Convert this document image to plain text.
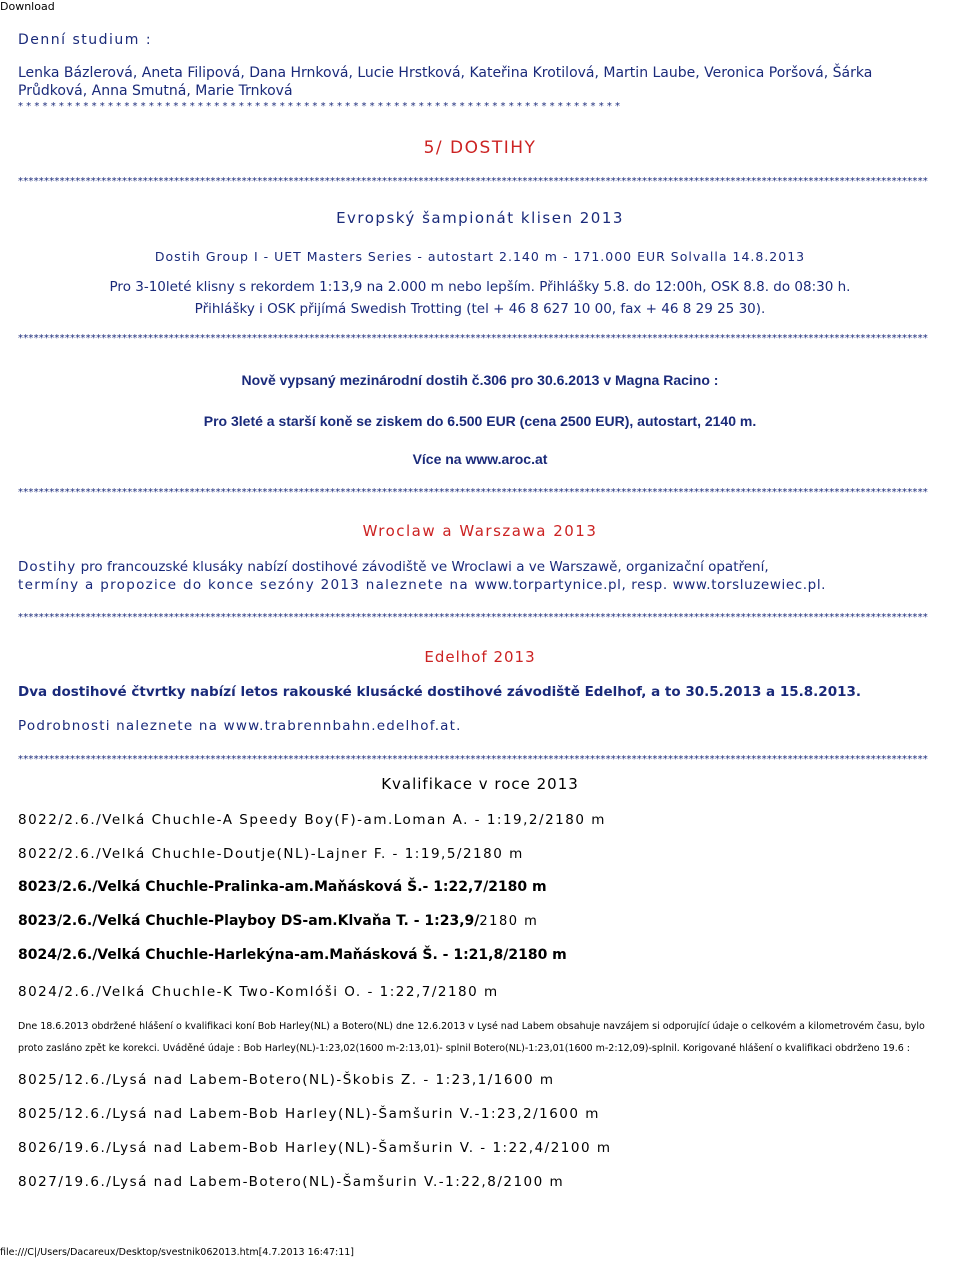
Download
Denní studium :
Lenka Bázlerová, Aneta Filipová, Dana Hrnková, Lucie Hrstková, Kateřina Krotilová, Martin Laube, Veronica Poršová, Šárka
Průdková, Anna Smutná, Marie Trnková
* * * * * * * * * * * * * * * * * * * * * * * * * * * * * * * * * * * * * * * * * * * * * * * * * * * * * * * * * * * * * * * * * * * * * * * * * *
5/ DOSTIHY
*******************************************************************************************************************************************************************************
Evropský šampionát klisen 2013
Dostih Group I - UET Masters Series - autostart 2.140 m - 171.000 EUR Solvalla 14.8.2013
Pro 3-10leté klisny s rekordem 1:13,9 na 2.000 m nebo lepším. Přihlášky 5.8. do 12:00h, OSK 8.8. do 08:30 h.
Přihlášky i OSK přijímá Swedish Trotting (tel + 46 8 627 10 00, fax + 46 8 29 25 30).
*******************************************************************************************************************************************************************************
Nově vypsaný mezinárodní dostih č.306 pro 30.6.2013 v Magna Racino :
Pro 3leté a starší koně se ziskem do 6.500 EUR (cena 2500 EUR), autostart, 2140 m.
Více na www.aroc.at
*******************************************************************************************************************************************************************************
Wroclaw a Warszawa 2013
Dostihy pro francouzské klusáky nabízí dostihové závodiště ve Wroclawi a ve Warszawě, organizační opatření,
termíny a propozice do konce sezóny 2013 naleznete na www.torpartynice.pl, resp. www.torsluzewiec.pl.
*******************************************************************************************************************************************************************************
Edelhof 2013
Dva dostihové čtvrtky nabízí letos rakouské klusácké dostihové závodiště Edelhof, a to 30.5.2013 a 15.8.2013.
Podrobnosti naleznete na www.trabrennbahn.edelhof.at.
*******************************************************************************************************************************************************************************
Kvalifikace v roce 2013
8022/2.6./Velká Chuchle-A Speedy Boy(F)-am.Loman A. - 1:19,2/2180 m
8022/2.6./Velká Chuchle-Doutje(NL)-Lajner F. - 1:19,5/2180 m
8023/2.6./Velká Chuchle-Pralinka-am.Maňásková Š.- 1:22,7/2180 m
8023/2.6./Velká Chuchle-Playboy DS-am.Klvaňa T. - 1:23,9/2180 m
8024/2.6./Velká Chuchle-Harlekýna-am.Maňásková Š. - 1:21,8/2180 m
8024/2.6./Velká Chuchle-K Two-Komlóši O. - 1:22,7/2180 m
Dne 18.6.2013 obdržené hlášení o kvalifikaci koní Bob Harley(NL) a Botero(NL) dne 12.6.2013 v Lysé nad Labem obsahuje navzájem si odporující údaje o celkovém a kilometrovém času, bylo
proto zasláno zpět ke korekci. Uváděné údaje : Bob Harley(NL)-1:23,02(1600 m-2:13,01)- splnil Botero(NL)-1:23,01(1600 m-2:12,09)-splnil. Korigované hlášení o kvalifikaci obdrženo 19.6 :
8025/12.6./Lysá nad Labem-Botero(NL)-Škobis Z. - 1:23,1/1600 m
8025/12.6./Lysá nad Labem-Bob Harley(NL)-Šamšurin V.-1:23,2/1600 m
8026/19.6./Lysá nad Labem-Bob Harley(NL)-Šamšurin V. - 1:22,4/2100 m
8027/19.6./Lysá nad Labem-Botero(NL)-Šamšurin V.-1:22,8/2100 m
file:///C|/Users/Dacareux/Desktop/svestnik062013.htm[4.7.2013 16:47:11]
